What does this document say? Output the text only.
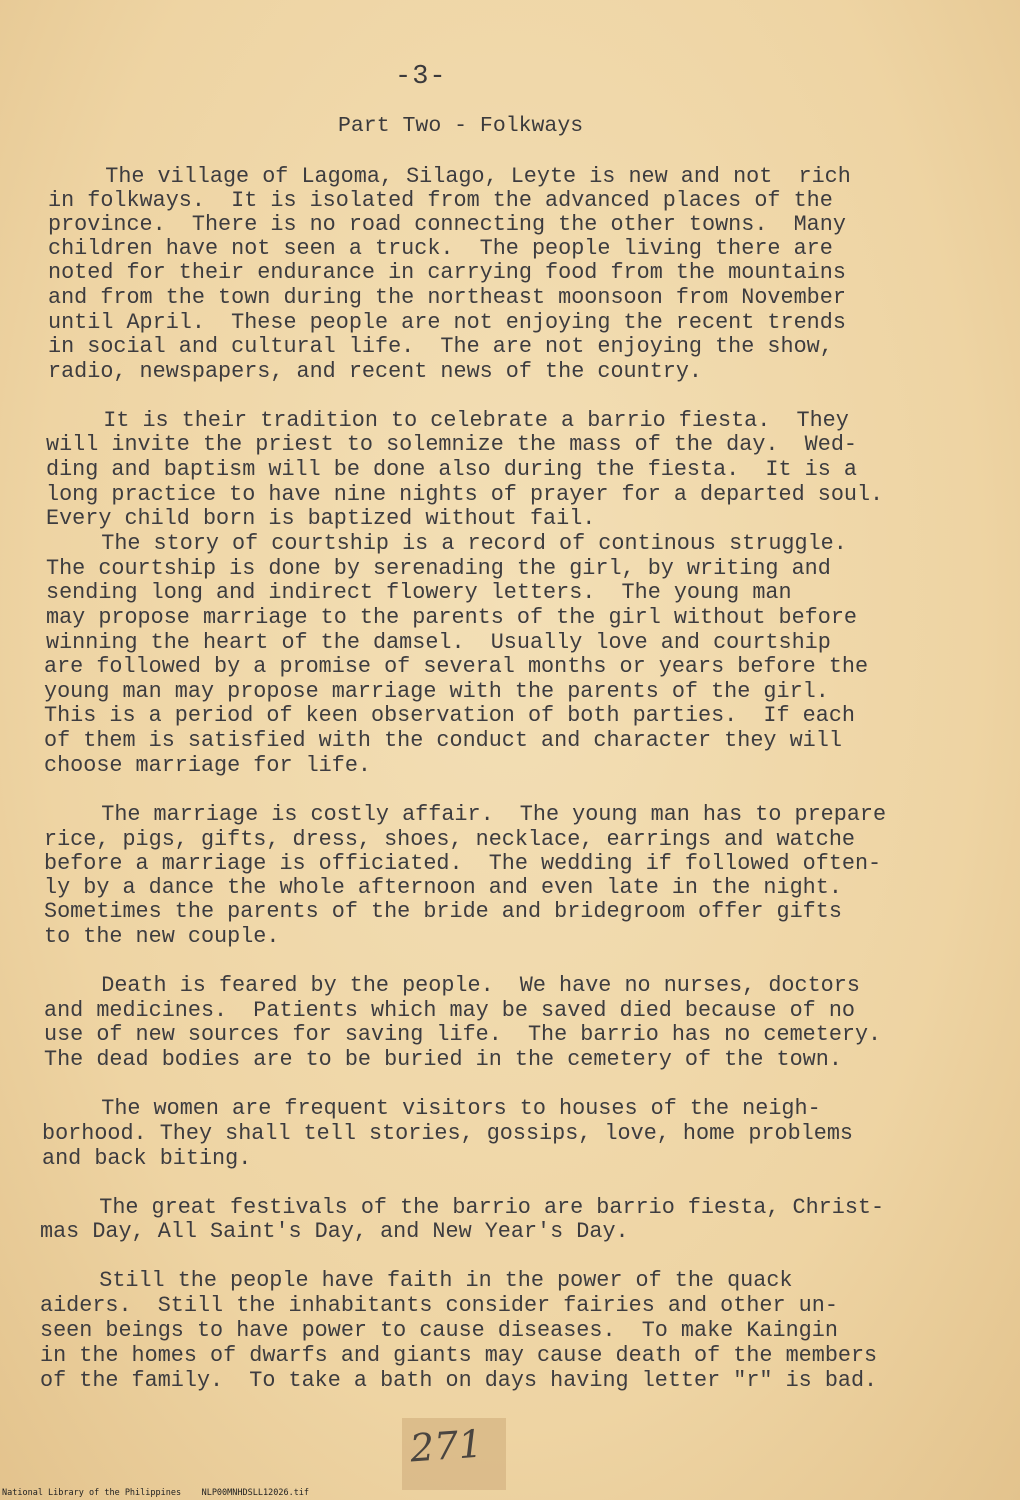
-3-
Part Two - Folkways
The village of Lagoma, Silago, Leyte is new and not  rich
in folkways.  It is isolated from the advanced places of the
province.  There is no road connecting the other towns.  Many
children have not seen a truck.  The people living there are
noted for their endurance in carrying food from the mountains
and from the town during the northeast moonsoon from November
until April.  These people are not enjoying the recent trends
in social and cultural life.  The are not enjoying the show,
radio, newspapers, and recent news of the country.
It is their tradition to celebrate a barrio fiesta.  They
will invite the priest to solemnize the mass of the day.  Wed-
ding and baptism will be done also during the fiesta.  It is a
long practice to have nine nights of prayer for a departed soul.
Every child born is baptized without fail.
The story of courtship is a record of continous struggle.
The courtship is done by serenading the girl, by writing and
sending long and indirect flowery letters.  The young man
may propose marriage to the parents of the girl without before
winning the heart of the damsel.  Usually love and courtship
are followed by a promise of several months or years before the
young man may propose marriage with the parents of the girl.
This is a period of keen observation of both parties.  If each
of them is satisfied with the conduct and character they will
choose marriage for life.
The marriage is costly affair.  The young man has to prepare
rice, pigs, gifts, dress, shoes, necklace, earrings and watche
before a marriage is officiated.  The wedding if followed often-
ly by a dance the whole afternoon and even late in the night.
Sometimes the parents of the bride and bridegroom offer gifts
to the new couple.
Death is feared by the people.  We have no nurses, doctors
and medicines.  Patients which may be saved died because of no
use of new sources for saving life.  The barrio has no cemetery.
The dead bodies are to be buried in the cemetery of the town.
The women are frequent visitors to houses of the neigh-
borhood. They shall tell stories, gossips, love, home problems
and back biting.
The great festivals of the barrio are barrio fiesta, Christ-
mas Day, All Saint's Day, and New Year's Day.
Still the people have faith in the power of the quack
aiders.  Still the inhabitants consider fairies and other un-
seen beings to have power to cause diseases.  To make Kaingin
in the homes of dwarfs and giants may cause death of the members
of the family.  To take a bath on days having letter "r" is bad.
271
National Library of the Philippines    NLP00MNHDSLL12026.tif
